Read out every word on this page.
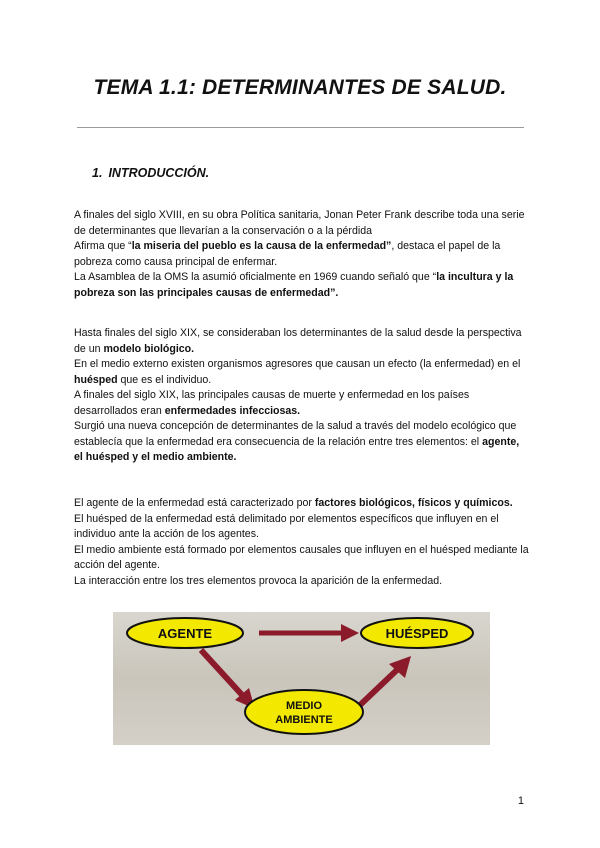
TEMA 1.1: DETERMINANTES DE SALUD.
1. INTRODUCCIÓN.

A finales del siglo XVIII, en su obra Política sanitaria, Jonan Peter Frank describe toda una serie de determinantes que llevarían a la conservación o a la pérdida

Afirma que “la miseria del pueblo es la causa de la enfermedad”, destaca el papel de la pobreza como causa principal de enfermar.

La Asamblea de la OMS la asumió oficialmente en 1969 cuando señaló que “la incultura y la pobreza son las principales causas de enfermedad”.

Hasta finales del siglo XIX, se consideraban los determinantes de la salud desde la perspectiva de un modelo biológico.

En el medio externo existen organismos agresores que causan un efecto (la enfermedad) en el huésped que es el individuo.

A finales del siglo XIX, las principales causas de muerte y enfermedad en los países desarrollados eran enfermedades infecciosas.

Surgió una nueva concepción de determinantes de la salud a través del modelo ecológico que establecía que la enfermedad era consecuencia de la relación entre tres elementos: el agente, el huésped y el medio ambiente.

El agente de la enfermedad está caracterizado por factores biológicos, físicos y químicos.

El huésped de la enfermedad está delimitado por elementos específicos que influyen en el individuo ante la acción de los agentes.

El medio ambiente está formado por elementos causales que influyen en el huésped mediante la acción del agente.

La interacción entre los tres elementos provoca la aparición de la enfermedad.

AGENTE	HUÉSPED
MEDIO
AMBIENTE
1
